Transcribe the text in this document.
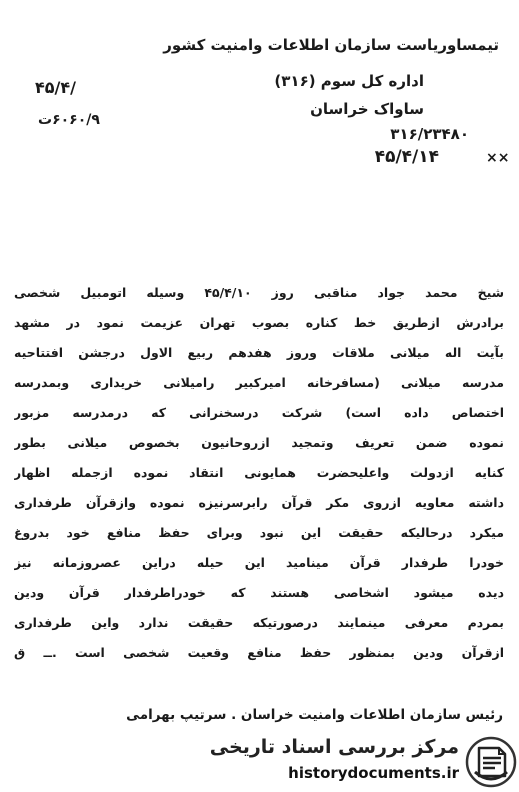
تیمساوریاست سازمان اطلاعات وامنیت کشور
اداره کل سوم (۳۱۶)
ساواک خراسان
۳۱۶/۲۳۴۸۰
۴۵/۴/۱۴	××
۴۵/۴/
۶۰۶۰/۹ت
شیخ محمد جواد مناقبی روز ۴۵/۴/۱۰ وسیله اتومبیل شخصی
برادرش ازطریق خط کناره بصوب تهران عزیمت نمود در مشهد
بآیت اله میلانی ملاقات وروز هفدهم ربیع الاول درجشن افتتاحیه
مدرسه میلانی (مسافرخانه امیرکبیر رامیلانی خریداری وبمدرسه
اختصاص داده است) شرکت درسخنرانی که درمدرسه مزبور
نموده ضمن تعریف وتمجید ازروحانیون بخصوص میلانی بطور
کنایه ازدولت واعلیحضرت همایونی انتقاد نموده ازجمله اظهار
داشته معاویه ازروی مکر قرآن رابرسرنیزه نموده وازقرآن طرفداری
میکرد درحالیکه حقیقت این نبود وبرای حفظ منافع خود بدروغ
خودرا طرفدار قرآن مینامید این حیله دراین عصروزمانه نیز
دیده میشود اشخاصی هستند که خودراطرفدار قرآن ودین
بمردم معرفی مینمایند درصورتیکه حقیقت ندارد واین طرفداری
ازقرآن ودین بمنظور حفظ منافع وقعیت شخصی است .ــ ق
رئیس سازمان اطلاعات وامنیت خراسان . سرتیپ بهرامی
مرکز بررسی اسناد تاریخی
historydocuments.ir
